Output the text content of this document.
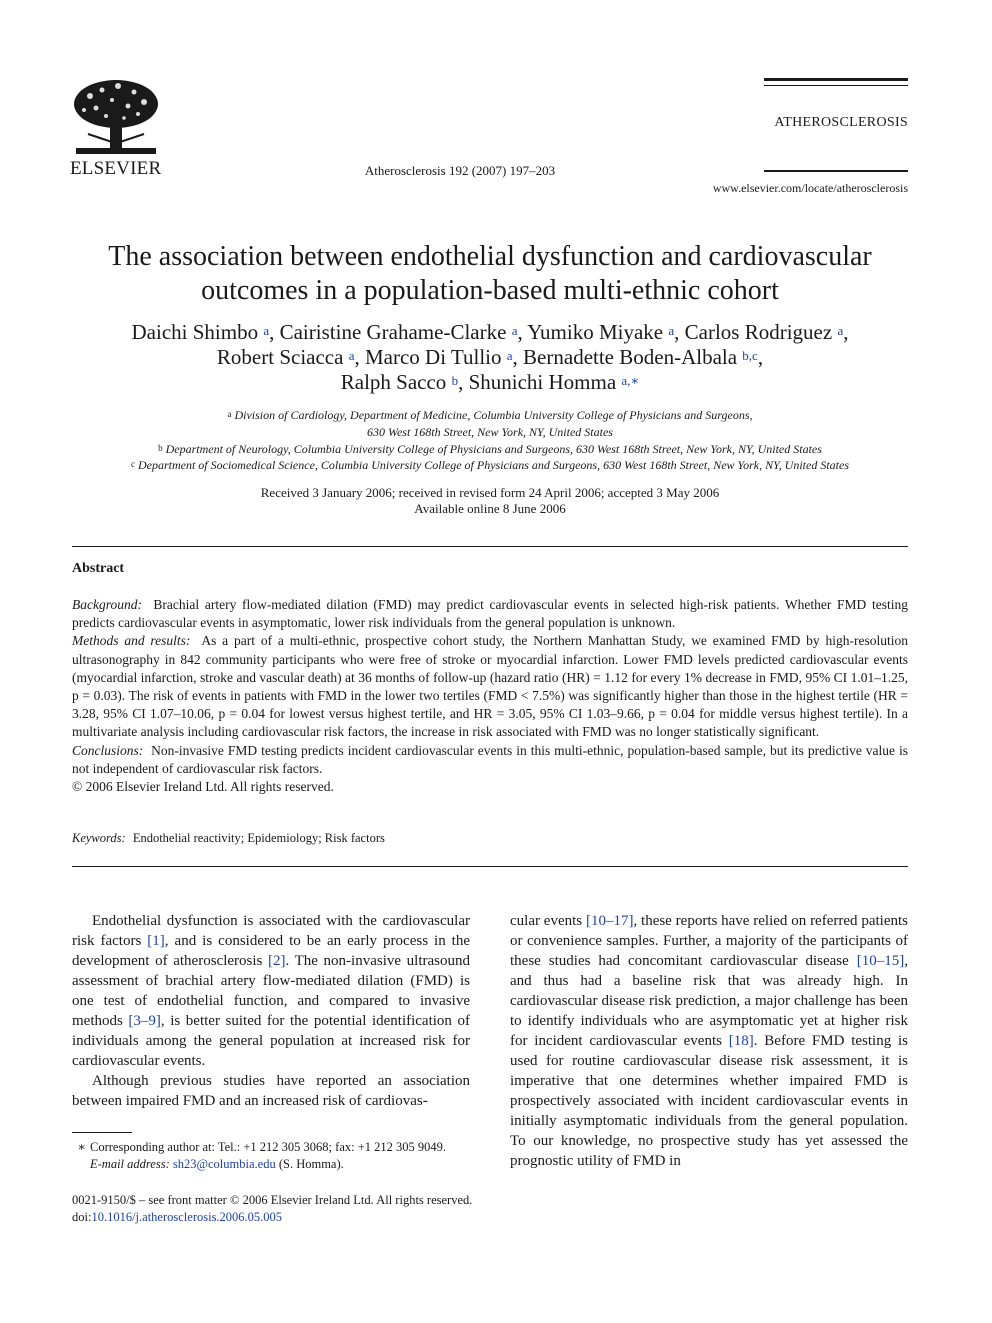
ELSEVIER	Atherosclerosis 192 (2007) 197–203
ATHEROSCLEROSIS
www.elsevier.com/locate/atherosclerosis
The association between endothelial dysfunction and cardiovascular
outcomes in a population-based multi-ethnic cohort
Daichi Shimbo $^a$, Cairistine Grahame-Clarke $^a$, Yumiko Miyake $^a$, Carlos Rodriguez $^a$,
Robert Sciacca $^a$, Marco Di Tullio $^a$, Bernadette Boden-Albala $^{b,c}$,
Ralph Sacco $^b$, Shunichi Homma $^{a,∗}$
$^a$ Division of Cardiology, Department of Medicine, Columbia University College of Physicians and Surgeons,
630 West 168th Street, New York, NY, United States
$^b$ Department of Neurology, Columbia University College of Physicians and Surgeons, 630 West 168th Street, New York, NY, United States
$^c$ Department of Sociomedical Science, Columbia University College of Physicians and Surgeons, 630 West 168th Street, New York, NY, United States
Received 3 January 2006; received in revised form 24 April 2006; accepted 3 May 2006
Available online 8 June 2006
Abstract

Background: Brachial artery flow-mediated dilation (FMD) may predict cardiovascular events in selected high-risk patients. Whether FMD testing predicts cardiovascular events in asymptomatic, lower risk individuals from the general population is unknown.

Methods and results: As a part of a multi-ethnic, prospective cohort study, the Northern Manhattan Study, we examined FMD by high-resolution ultrasonography in 842 community participants who were free of stroke or myocardial infarction. Lower FMD levels predicted cardiovascular events (myocardial infarction, stroke and vascular death) at 36 months of follow-up (hazard ratio (HR) = 1.12 for every 1% decrease in FMD, 95% CI 1.01–1.25, p = 0.03). The risk of events in patients with FMD in the lower two tertiles (FMD < 7.5%) was significantly higher than those in the highest tertile (HR = 3.28, 95% CI 1.07–10.06, p = 0.04 for lowest versus highest tertile, and HR = 3.05, 95% CI 1.03–9.66, p = 0.04 for middle versus highest tertile). In a multivariate analysis including cardiovascular risk factors, the increase in risk associated with FMD was no longer statistically significant.

Conclusions: Non-invasive FMD testing predicts incident cardiovascular events in this multi-ethnic, population-based sample, but its predictive value is not independent of cardiovascular risk factors.

© 2006 Elsevier Ireland Ltd. All rights reserved.

Keywords: Endothelial reactivity; Epidemiology; Risk factors

Endothelial dysfunction is associated with the cardiovascular risk factors [1], and is considered to be an early process in the development of atherosclerosis [2]. The non-invasive ultrasound assessment of brachial artery flow-mediated dilation (FMD) is one test of endothelial function, and compared to invasive methods [3–9], is better suited for the potential identification of individuals among the general population at increased risk for cardiovascular events.

Although previous studies have reported an association between impaired FMD and an increased risk of cardiovas-

cular events [10–17], these reports have relied on referred patients or convenience samples. Further, a majority of the participants of these studies had concomitant cardiovascular disease [10–15], and thus had a baseline risk that was already high. In cardiovascular disease risk prediction, a major challenge has been to identify individuals who are asymptomatic yet at higher risk for incident cardiovascular events [18]. Before FMD testing is used for routine cardiovascular disease risk assessment, it is imperative that one determines whether impaired FMD is prospectively associated with incident cardiovascular events in initially asymptomatic individuals from the general population. To our knowledge, no prospective study has yet assessed the prognostic utility of FMD in

∗ Corresponding author at: Tel.: +1 212 305 3068; fax: +1 212 305 9049.
E-mail address: sh23@columbia.edu (S. Homma).
0021-9150/$ – see front matter © 2006 Elsevier Ireland Ltd. All rights reserved.
doi:10.1016/j.atherosclerosis.2006.05.005
